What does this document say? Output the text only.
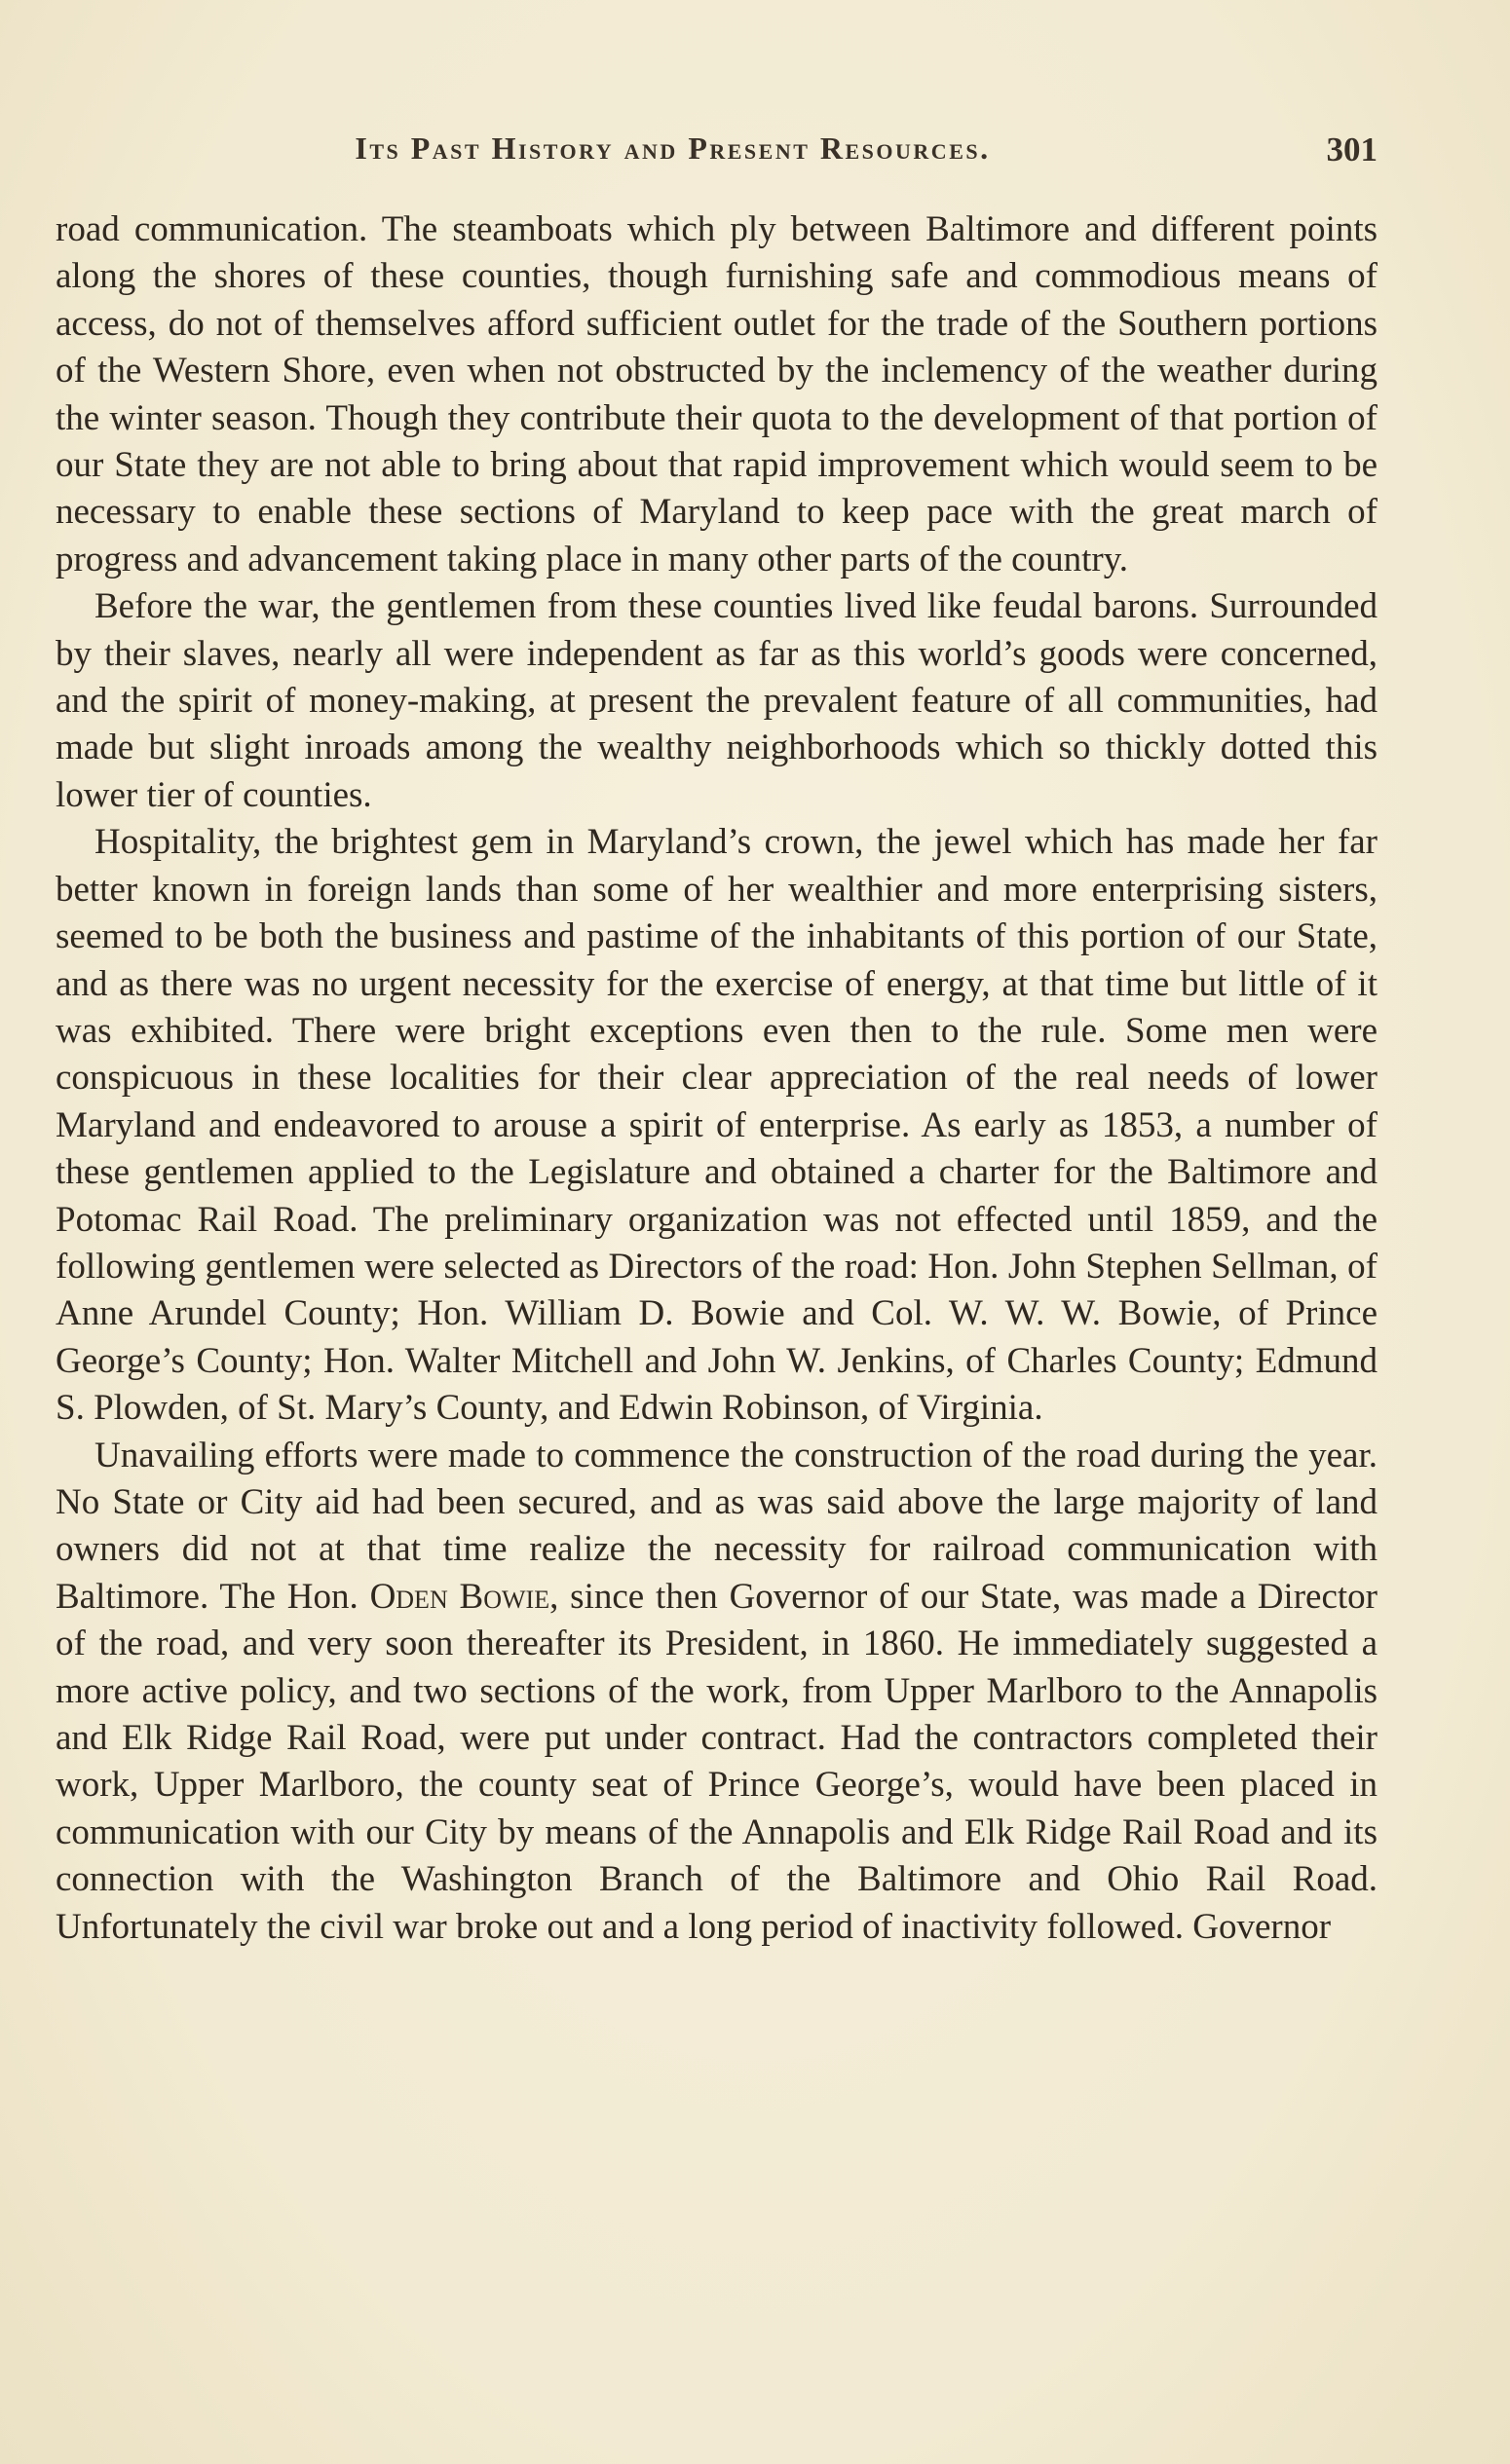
Its Past History and Present Resources.	301

road communication. The steamboats which ply between Baltimore and different points along the shores of these counties, though furnishing safe and commodious means of access, do not of themselves afford sufficient outlet for the trade of the Southern portions of the Western Shore, even when not obstructed by the inclemency of the weather during the winter season. Though they contribute their quota to the development of that portion of our State they are not able to bring about that rapid improvement which would seem to be necessary to enable these sections of Maryland to keep pace with the great march of progress and advancement taking place in many other parts of the country.

Before the war, the gentlemen from these counties lived like feudal barons. Surrounded by their slaves, nearly all were independent as far as this world’s goods were concerned, and the spirit of money-making, at present the prevalent feature of all communities, had made but slight inroads among the wealthy neighborhoods which so thickly dotted this lower tier of counties.

Hospitality, the brightest gem in Maryland’s crown, the jewel which has made her far better known in foreign lands than some of her wealthier and more enterprising sisters, seemed to be both the business and pastime of the inhabitants of this portion of our State, and as there was no urgent necessity for the exercise of energy, at that time but little of it was exhibited. There were bright exceptions even then to the rule. Some men were conspicuous in these localities for their clear appreciation of the real needs of lower Maryland and endeavored to arouse a spirit of enterprise. As early as 1853, a number of these gentlemen applied to the Legislature and obtained a charter for the Baltimore and Potomac Rail Road. The preliminary organization was not effected until 1859, and the following gentlemen were selected as Directors of the road: Hon. John Stephen Sellman, of Anne Arundel County; Hon. William D. Bowie and Col. W. W. W. Bowie, of Prince George’s County; Hon. Walter Mitchell and John W. Jenkins, of Charles County; Edmund S. Plowden, of St. Mary’s County, and Edwin Robinson, of Virginia.

Unavailing efforts were made to commence the construction of the road during the year. No State or City aid had been secured, and as was said above the large majority of land owners did not at that time realize the necessity for railroad communication with Baltimore. The Hon. Oden Bowie, since then Governor of our State, was made a Director of the road, and very soon thereafter its President, in 1860. He immediately suggested a more active policy, and two sections of the work, from Upper Marlboro to the Annapolis and Elk Ridge Rail Road, were put under contract. Had the contractors completed their work, Upper Marlboro, the county seat of Prince George’s, would have been placed in communication with our City by means of the Annapolis and Elk Ridge Rail Road and its connection with the Washington Branch of the Baltimore and Ohio Rail Road. Unfortunately the civil war broke out and a long period of inactivity followed. Governor
